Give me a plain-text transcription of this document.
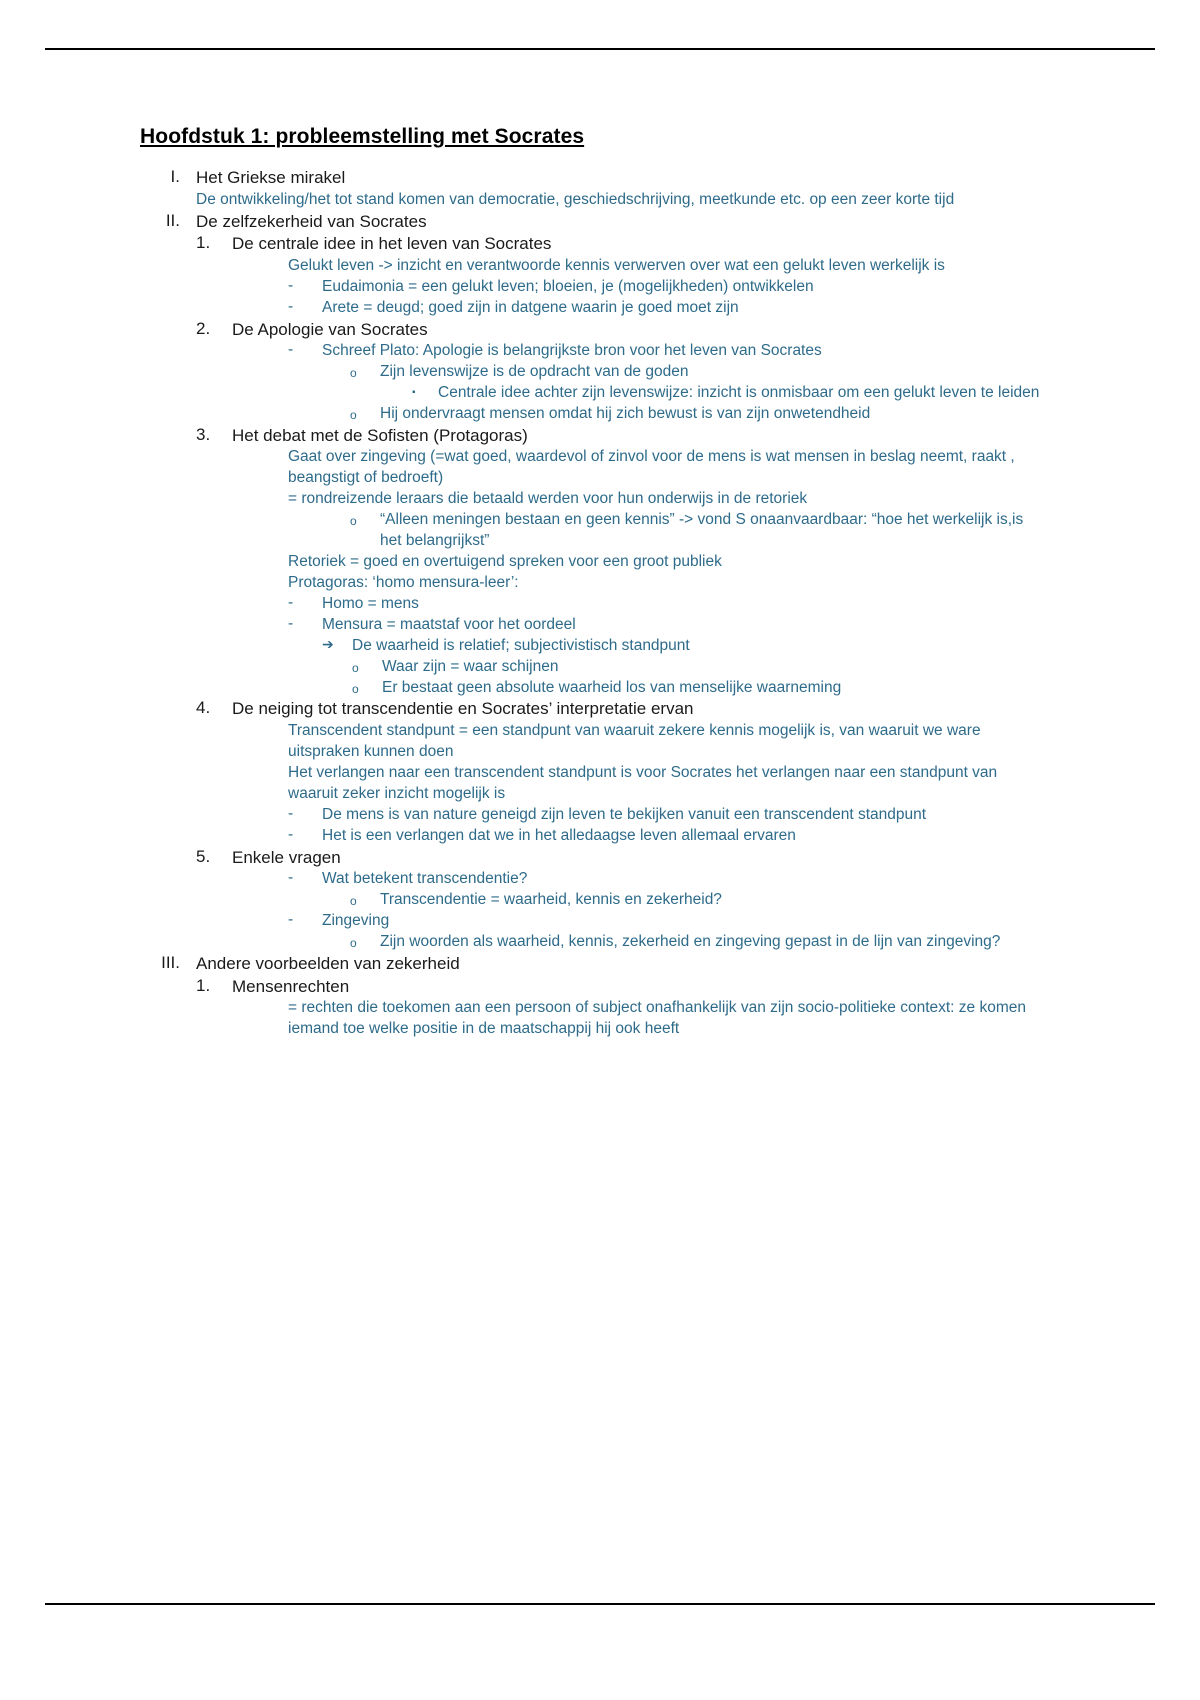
Hoofdstuk 1: probleemstelling met Socrates
I. Het Griekse mirakel
De ontwikkeling/het tot stand komen van democratie, geschiedschrijving, meetkunde etc. op een zeer korte tijd
II. De zelfzekerheid van Socrates
1.	De centrale idee in het leven van Socrates
Gelukt leven -> inzicht en verantwoorde kennis verwerven over wat een gelukt leven werkelijk is
-	Eudaimonia = een gelukt leven; bloeien, je (mogelijkheden) ontwikkelen
-	Arete = deugd; goed zijn in datgene waarin je goed moet zijn
2.	De Apologie van Socrates
-	Schreef Plato: Apologie is belangrijkste bron voor het leven van Socrates
o	Zijn levenswijze is de opdracht van de goden
▪	Centrale idee achter zijn levenswijze: inzicht is onmisbaar om een gelukt leven te leiden
o	Hij ondervraagt mensen omdat hij zich bewust is van zijn onwetendheid
3.	Het debat met de Sofisten (Protagoras)
Gaat over zingeving (=wat goed, waardevol of zinvol voor de mens is wat mensen in beslag neemt, raakt , beangstigt of bedroeft)
= rondreizende leraars die betaald werden voor hun onderwijs in de retoriek
o	“Alleen meningen bestaan en geen kennis” -> vond S onaanvaardbaar: “hoe het werkelijk is,is het belangrijkst”
Retoriek = goed en overtuigend spreken voor een groot publiek
Protagoras: ‘homo mensura-leer’:
-	Homo = mens
-	Mensura = maatstaf voor het oordeel
➔	De waarheid is relatief; subjectivistisch standpunt
o	Waar zijn = waar schijnen
o	Er bestaat geen absolute waarheid los van menselijke waarneming
4.	De neiging tot transcendentie en Socrates’ interpretatie ervan
Transcendent standpunt = een standpunt van waaruit zekere kennis mogelijk is, van waaruit we ware uitspraken kunnen doen
Het verlangen naar een transcendent standpunt is voor Socrates het verlangen naar een standpunt van waaruit zeker inzicht mogelijk is
-	De mens is van nature geneigd zijn leven te bekijken vanuit een transcendent standpunt
-	Het is een verlangen dat we in het alledaagse leven allemaal ervaren
5.	Enkele vragen
-	Wat betekent transcendentie?
o	Transcendentie = waarheid, kennis en zekerheid?
-	Zingeving
o	Zijn woorden als waarheid, kennis, zekerheid en zingeving gepast in de lijn van zingeving?
III. Andere voorbeelden van zekerheid
1.	Mensenrechten
= rechten die toekomen aan een persoon of subject onafhankelijk van zijn socio-politieke context: ze komen iemand toe welke positie in de maatschappij hij ook heeft
